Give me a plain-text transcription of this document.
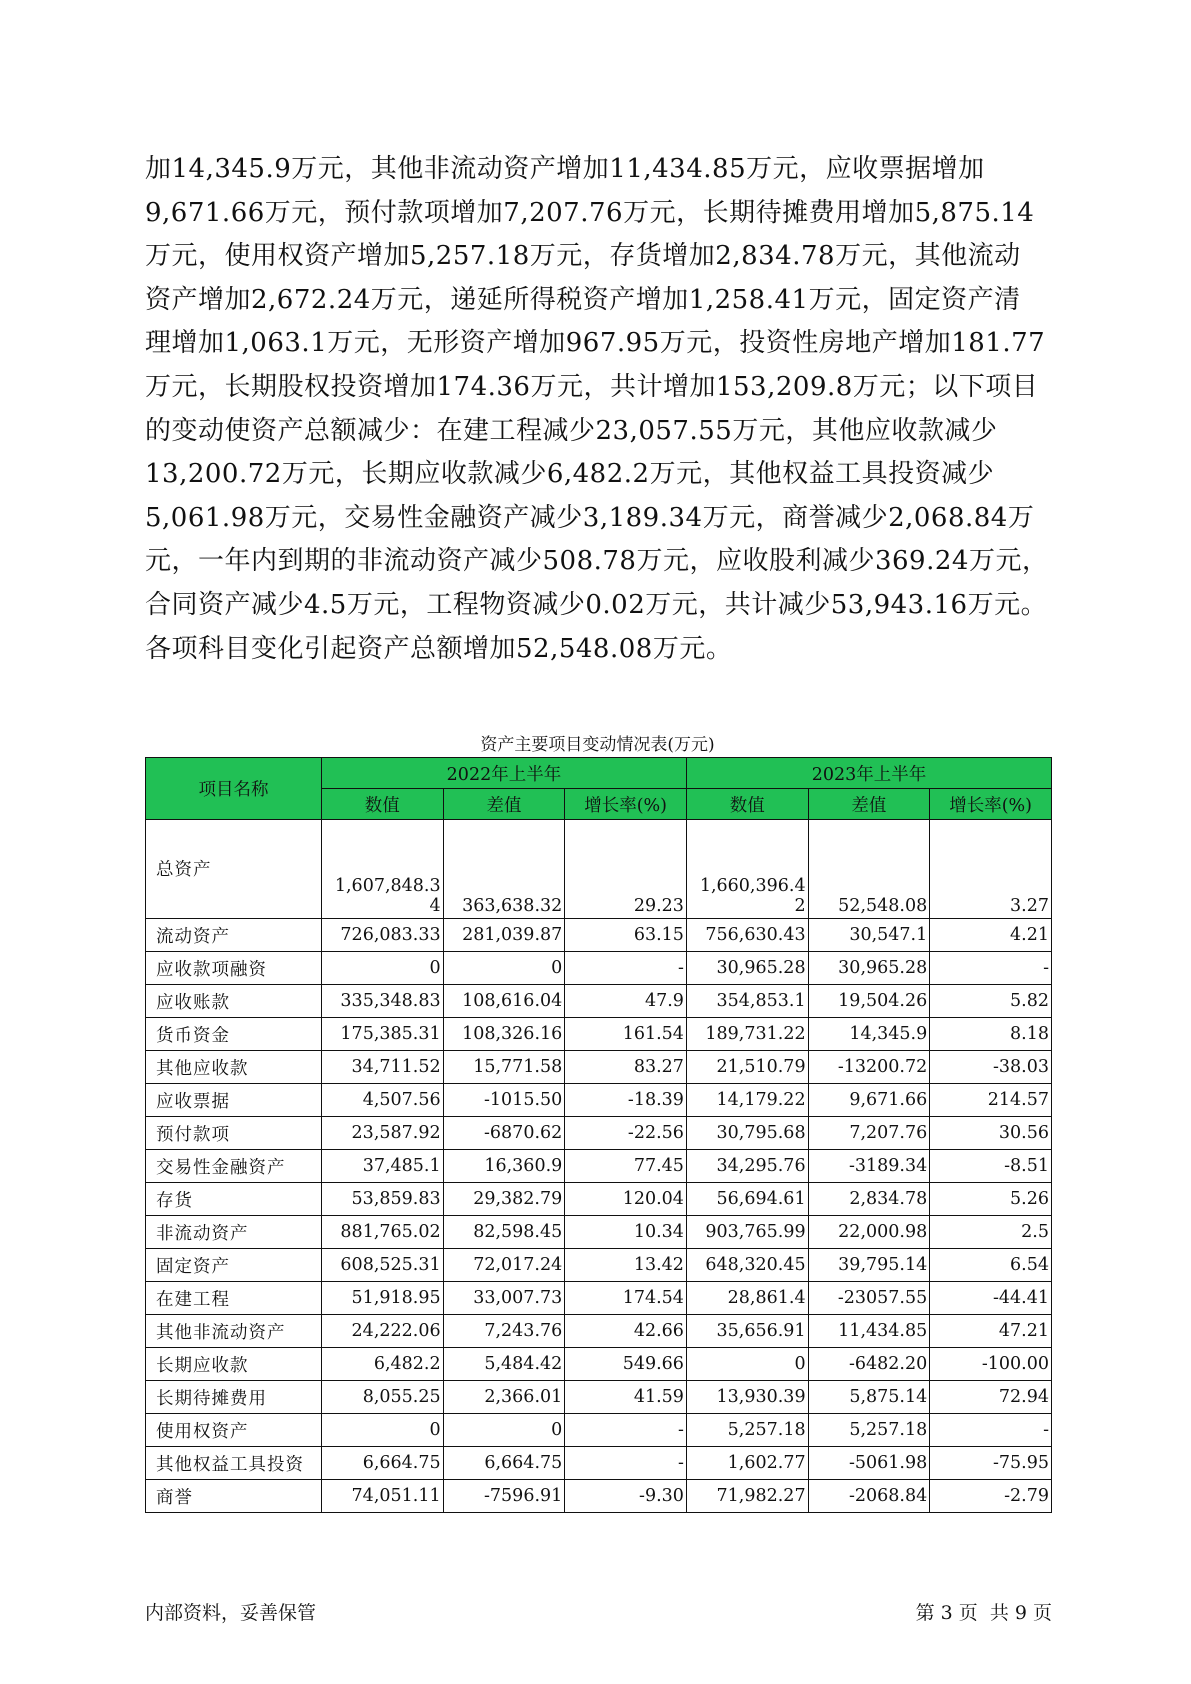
加14,345.9万元，其他非流动资产增加11,434.85万元，应收票据增加
9,671.66万元，预付款项增加7,207.76万元，长期待摊费用增加5,875.14
万元，使用权资产增加5,257.18万元，存货增加2,834.78万元，其他流动
资产增加2,672.24万元，递延所得税资产增加1,258.41万元，固定资产清
理增加1,063.1万元，无形资产增加967.95万元，投资性房地产增加181.77
万元，长期股权投资增加174.36万元，共计增加153,209.8万元；以下项目
的变动使资产总额减少：在建工程减少23,057.55万元，其他应收款减少
13,200.72万元，长期应收款减少6,482.2万元，其他权益工具投资减少
5,061.98万元，交易性金融资产减少3,189.34万元，商誉减少2,068.84万
元，一年内到期的非流动资产减少508.78万元，应收股利减少369.24万元，
合同资产减少4.5万元，工程物资减少0.02万元，共计减少53,943.16万元。
各项科目变化引起资产总额增加52,548.08万元。
资产主要项目变动情况表(万元)
项目名称	2022年上半年			2023年上半年		
	数值	差值	增长率(%)	数值	差值	增长率(%)
总资产	1,607,848.34	363,638.32	29.23	1,660,396.42	52,548.08	3.27
流动资产	726,083.33	281,039.87	63.15	756,630.43	30,547.1	4.21
应收款项融资	0	0	-	30,965.28	30,965.28	-
应收账款	335,348.83	108,616.04	47.9	354,853.1	19,504.26	5.82
货币资金	175,385.31	108,326.16	161.54	189,731.22	14,345.9	8.18
其他应收款	34,711.52	15,771.58	83.27	21,510.79	-13200.72	-38.03
应收票据	4,507.56	-1015.50	-18.39	14,179.22	9,671.66	214.57
预付款项	23,587.92	-6870.62	-22.56	30,795.68	7,207.76	30.56
交易性金融资产	37,485.1	16,360.9	77.45	34,295.76	-3189.34	-8.51
存货	53,859.83	29,382.79	120.04	56,694.61	2,834.78	5.26
非流动资产	881,765.02	82,598.45	10.34	903,765.99	22,000.98	2.5
固定资产	608,525.31	72,017.24	13.42	648,320.45	39,795.14	6.54
在建工程	51,918.95	33,007.73	174.54	28,861.4	-23057.55	-44.41
其他非流动资产	24,222.06	7,243.76	42.66	35,656.91	11,434.85	47.21
长期应收款	6,482.2	5,484.42	549.66	0	-6482.20	-100.00
长期待摊费用	8,055.25	2,366.01	41.59	13,930.39	5,875.14	72.94
使用权资产	0	0	-	5,257.18	5,257.18	-
其他权益工具投资	6,664.75	6,664.75	-	1,602.77	-5061.98	-75.95
商誉	74,051.11	-7596.91	-9.30	71,982.27	-2068.84	-2.79
内部资料，妥善保管	第 3 页  共 9 页
